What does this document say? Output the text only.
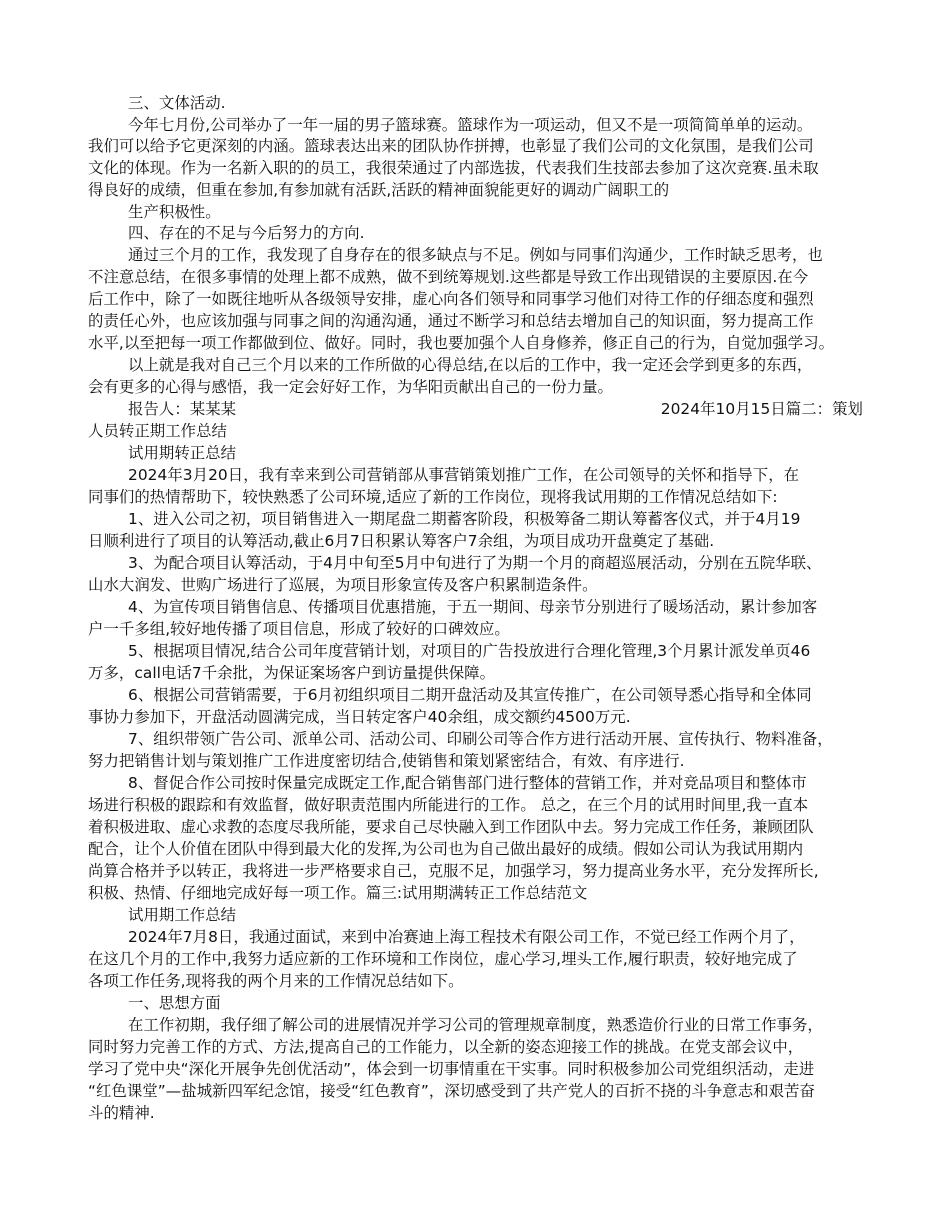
三、文体活动.
今年七月份,公司举办了一年一届的男子篮球赛。篮球作为一项运动，但又不是一项简简单单的运动。
我们可以给予它更深刻的内涵。篮球表达出来的团队协作拼搏，也彰显了我们公司的文化氛围，是我们公司
文化的体现。作为一名新入职的的员工，我很荣通过了内部选拔，代表我们生技部去参加了这次竞赛.虽未取
得良好的成绩，但重在参加,有参加就有活跃,活跃的精神面貌能更好的调动广阔职工的
生产积极性。
四、存在的不足与今后努力的方向.
通过三个月的工作，我发现了自身存在的很多缺点与不足。例如与同事们沟通少，工作时缺乏思考，也
不注意总结，在很多事情的处理上都不成熟，做不到统筹规划.这些都是导致工作出现错误的主要原因.在今
后工作中，除了一如既往地听从各级领导安排，虚心向各们领导和同事学习他们对待工作的仔细态度和强烈
的责任心外，也应该加强与同事之间的沟通沟通，通过不断学习和总结去增加自己的知识面，努力提高工作
水平,以至把每一项工作都做到位、做好。同时，我也要加强个人自身修养，修正自己的行为，自觉加强学习。
以上就是我对自己三个月以来的工作所做的心得总结,在以后的工作中，我一定还会学到更多的东西，
会有更多的心得与感悟，我一定会好好工作，为华阳贡献出自己的一份力量。
报告人：某某某	2024年10月15日篇二：策划
人员转正期工作总结
试用期转正总结
2024年3月20日，我有幸来到公司营销部从事营销策划推广工作，在公司领导的关怀和指导下，在
同事们的热情帮助下，较快熟悉了公司环境,适应了新的工作岗位，现将我试用期的工作情况总结如下:
1、进入公司之初，项目销售进入一期尾盘二期蓄客阶段，积极筹备二期认筹蓄客仪式，并于4月19
日顺利进行了项目的认筹活动,截止6月7日积累认筹客户7余组，为项目成功开盘奠定了基础.
3、为配合项目认筹活动，于4月中旬至5月中旬进行了为期一个月的商超巡展活动，分别在五院华联、
山水大润发、世购广场进行了巡展，为项目形象宣传及客户积累制造条件。
4、为宣传项目销售信息、传播项目优惠措施，于五一期间、母亲节分别进行了暖场活动，累计参加客
户一千多组,较好地传播了项目信息，形成了较好的口碑效应。
5、根据项目情况,结合公司年度营销计划，对项目的广告投放进行合理化管理,3个月累计派发单页46
万多，call电话7千余批，为保证案场客户到访量提供保障。
6、根据公司营销需要，于6月初组织项目二期开盘活动及其宣传推广，在公司领导悉心指导和全体同
事协力参加下，开盘活动圆满完成，当日转定客户40余组，成交额约4500万元.
7、组织带领广告公司、派单公司、活动公司、印刷公司等合作方进行活动开展、宣传执行、物料准备，
努力把销售计划与策划推广工作进度密切结合,使销售和策划紧密结合，有效、有序进行.
8、督促合作公司按时保量完成既定工作,配合销售部门进行整体的营销工作，并对竞品项目和整体市
场进行积极的跟踪和有效监督，做好职责范围内所能进行的工作。 总之，在三个月的试用时间里,我一直本
着积极进取、虚心求教的态度尽我所能，要求自己尽快融入到工作团队中去。努力完成工作任务，兼顾团队
配合，让个人价值在团队中得到最大化的发挥,为公司也为自己做出最好的成绩。假如公司认为我试用期内
尚算合格并予以转正，我将进一步严格要求自己，克服不足，加强学习，努力提高业务水平，充分发挥所长,
积极、热情、仔细地完成好每一项工作。篇三:试用期满转正工作总结范文
试用期工作总结
2024年7月8日，我通过面试，来到中冶赛迪上海工程技术有限公司工作，不觉已经工作两个月了，
在这几个月的工作中,我努力适应新的工作环境和工作岗位，虚心学习,埋头工作,履行职责，较好地完成了
各项工作任务,现将我的两个月来的工作情况总结如下。
一、思想方面
在工作初期，我仔细了解公司的进展情况并学习公司的管理规章制度，熟悉造价行业的日常工作事务，
同时努力完善工作的方式、方法,提高自己的工作能力，以全新的姿态迎接工作的挑战。在党支部会议中，
学习了党中央“深化开展争先创优活动”，体会到一切事情重在干实事。同时积极参加公司党组织活动，走进
“红色课堂”—盐城新四军纪念馆，接受“红色教育”，深切感受到了共产党人的百折不挠的斗争意志和艰苦奋
斗的精神.
